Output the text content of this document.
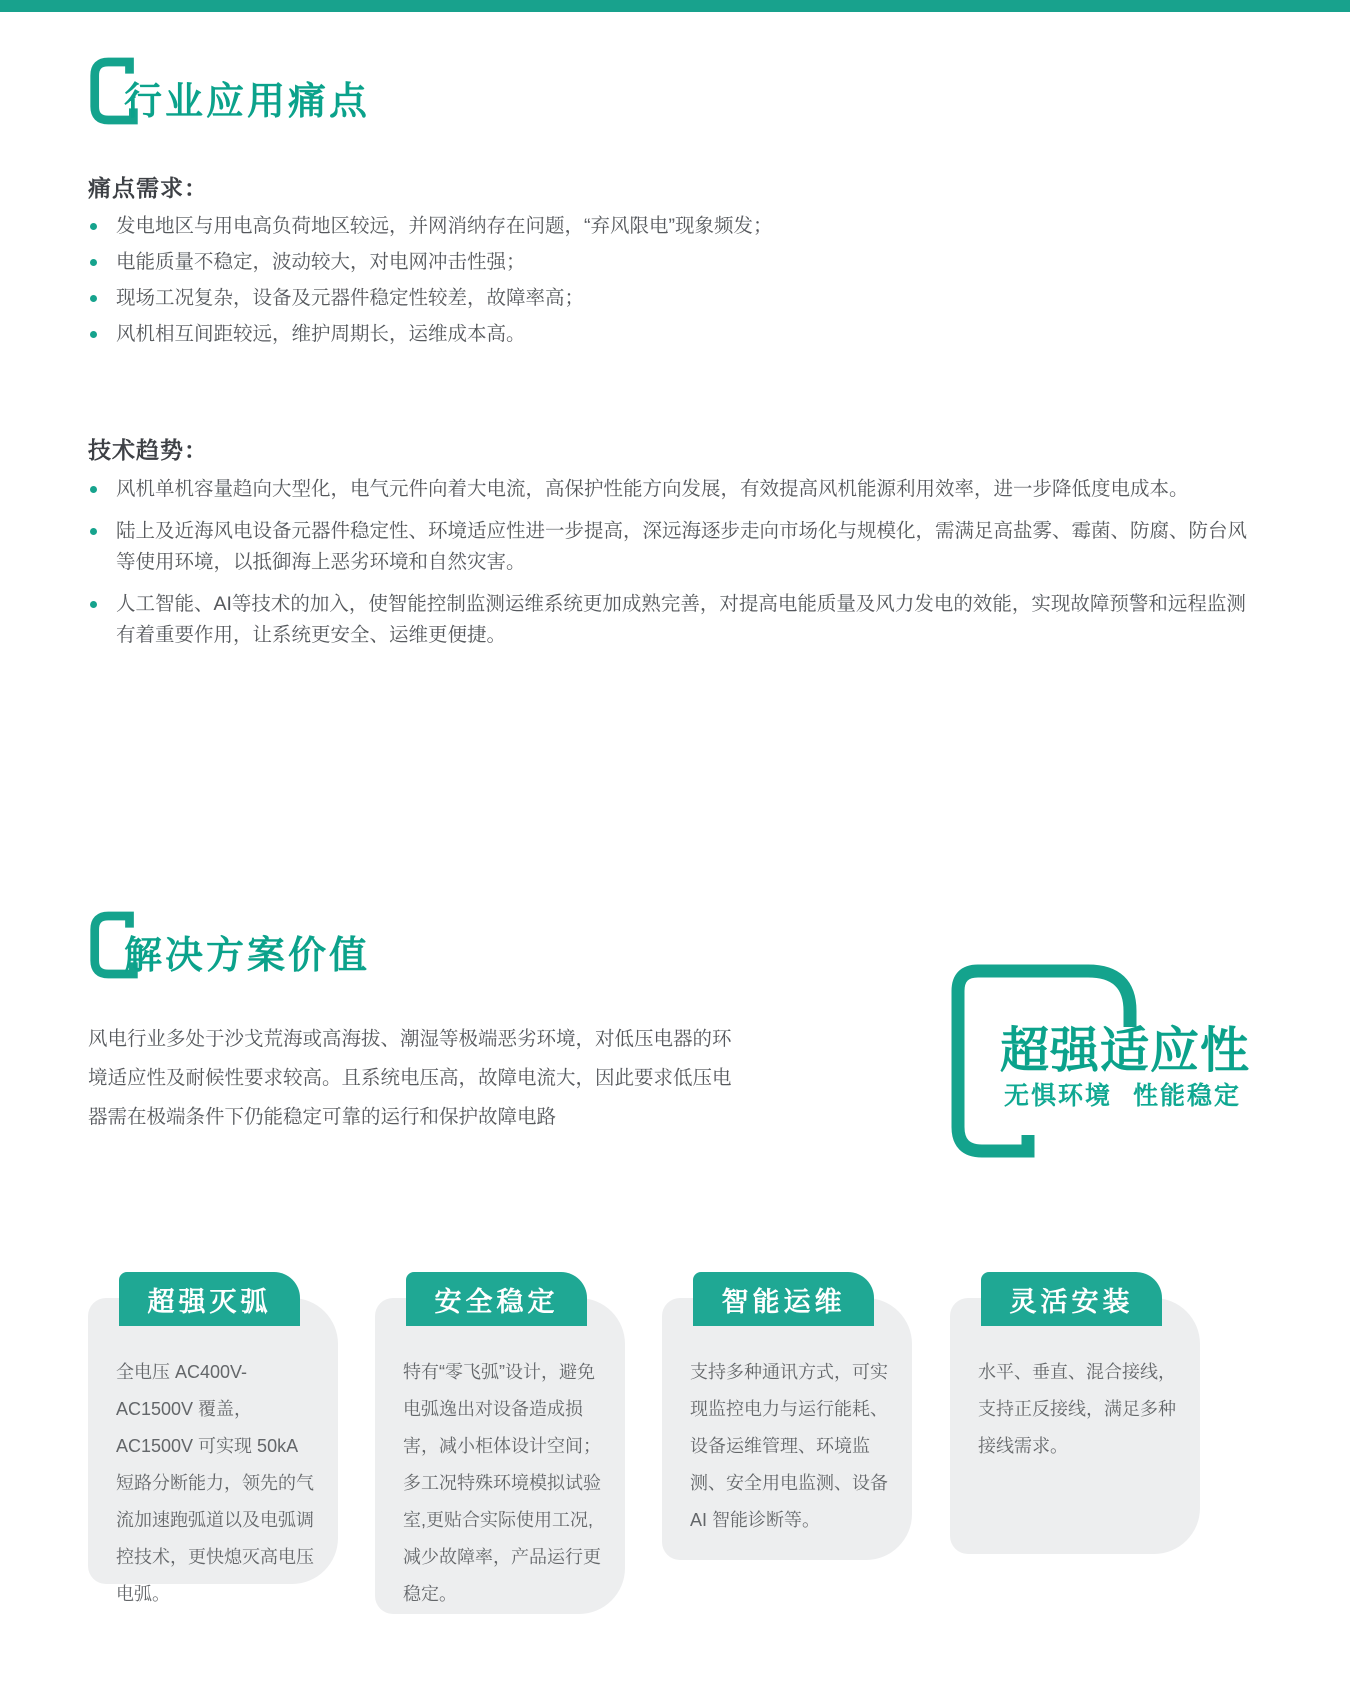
行业应用痛点
痛点需求：
发电地区与用电高负荷地区较远，并网消纳存在问题，“弃风限电”现象频发；
电能质量不稳定，波动较大，对电网冲击性强；
现场工况复杂，设备及元器件稳定性较差，故障率高；
风机相互间距较远，维护周期长，运维成本高。
技术趋势：
风机单机容量趋向大型化，电气元件向着大电流，高保护性能方向发展，有效提高风机能源利用效率，进一步降低度电成本。
陆上及近海风电设备元器件稳定性、环境适应性进一步提高，深远海逐步走向市场化与规模化，需满足高盐雾、霉菌、防腐、防台风等使用环境，以抵御海上恶劣环境和自然灾害。
人工智能、AI等技术的加入，使智能控制监测运维系统更加成熟完善，对提高电能质量及风力发电的效能，实现故障预警和远程监测有着重要作用，让系统更安全、运维更便捷。
解决方案价值
风电行业多处于沙戈荒海或高海拔、潮湿等极端恶劣环境，对低压电器的环境适应性及耐候性要求较高。且系统电压高，故障电流大，因此要求低压电器需在极端条件下仍能稳定可靠的运行和保护故障电路
超强适应性
无惧环境 性能稳定
超强灭弧
全电压 AC400V-AC1500V 覆盖，AC1500V 可实现 50kA 短路分断能力，领先的气流加速跑弧道以及电弧调控技术，更快熄灭高电压电弧。
安全稳定
特有“零飞弧”设计，避免电弧逸出对设备造成损害，减小柜体设计空间；多工况特殊环境模拟试验室,更贴合实际使用工况,减少故障率，产品运行更稳定。
智能运维
支持多种通讯方式，可实现监控电力与运行能耗、设备运维管理、环境监测、安全用电监测、设备 AI 智能诊断等。
灵活安装
水平、垂直、混合接线，支持正反接线，满足多种接线需求。
